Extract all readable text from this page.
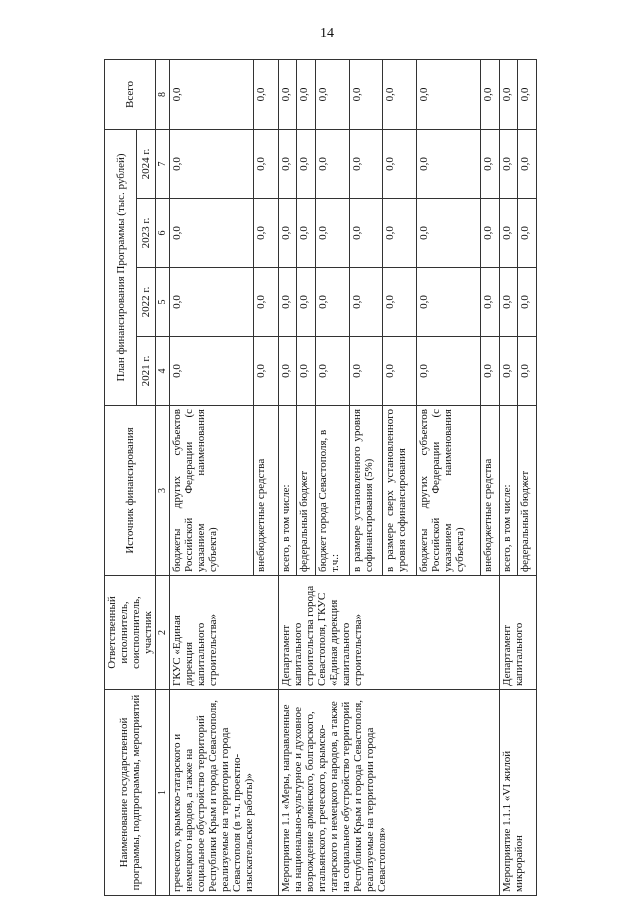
14
Наименование государственной программы, подпрограммы, мероприятий	Ответственный исполнитель, соисполнитель, участник	Источник финансирования	План финансирования Программы (тыс. рублей)				Всего
			2021 г.	2022 г.	2023 г.	2024 г.	
1	2	3	4	5	6	7	8
греческого, крымско-татарского и немецкого народов, а также на социальное обустройство территорий Республики Крым и города Севастополя, реализуемые на территории города Севастополя (в т.ч. проектно-изыскательские работы)»	ГКУС «Единая дирекция капитального строительства»	бюджеты других субъектов Российской Федерации (с указанием наименования субъекта)	0,0	0,0	0,0	0,0	0,0
		внебюджетные средства	0,0	0,0	0,0	0,0	0,0
Мероприятие 1.1 «Меры, направленные на национально-культурное и духовное возрождение армянского, болгарского, итальянского, греческого, крымско-татарского и немецкого народов, а также на социальное обустройство территорий Республики Крым и города Севастополя, реализуемые на территории города Севастополя»	Департамент капитального строительства города Севастополя, ГКУС «Единая дирекция капитального строительства»	всего, в том числе:	0,0	0,0	0,0	0,0	0,0
		федеральный бюджет	0,0	0,0	0,0	0,0	0,0
		бюджет города Севастополя, в т.ч.:	0,0	0,0	0,0	0,0	0,0
		в размере установленного уровня софинансирования (5%)	0,0	0,0	0,0	0,0	0,0
		в размере сверх установленного уровня софинансирования	0,0	0,0	0,0	0,0	0,0
		бюджеты других субъектов Российской Федерации (с указанием наименования субъекта)	0,0	0,0	0,0	0,0	0,0
		внебюджетные средства	0,0	0,0	0,0	0,0	0,0
Мероприятие 1.1.1 «VI жилой микрорайон	Департамент капитального	всего, в том числе:	0,0	0,0	0,0	0,0	0,0
		федеральный бюджет	0,0	0,0	0,0	0,0	0,0
